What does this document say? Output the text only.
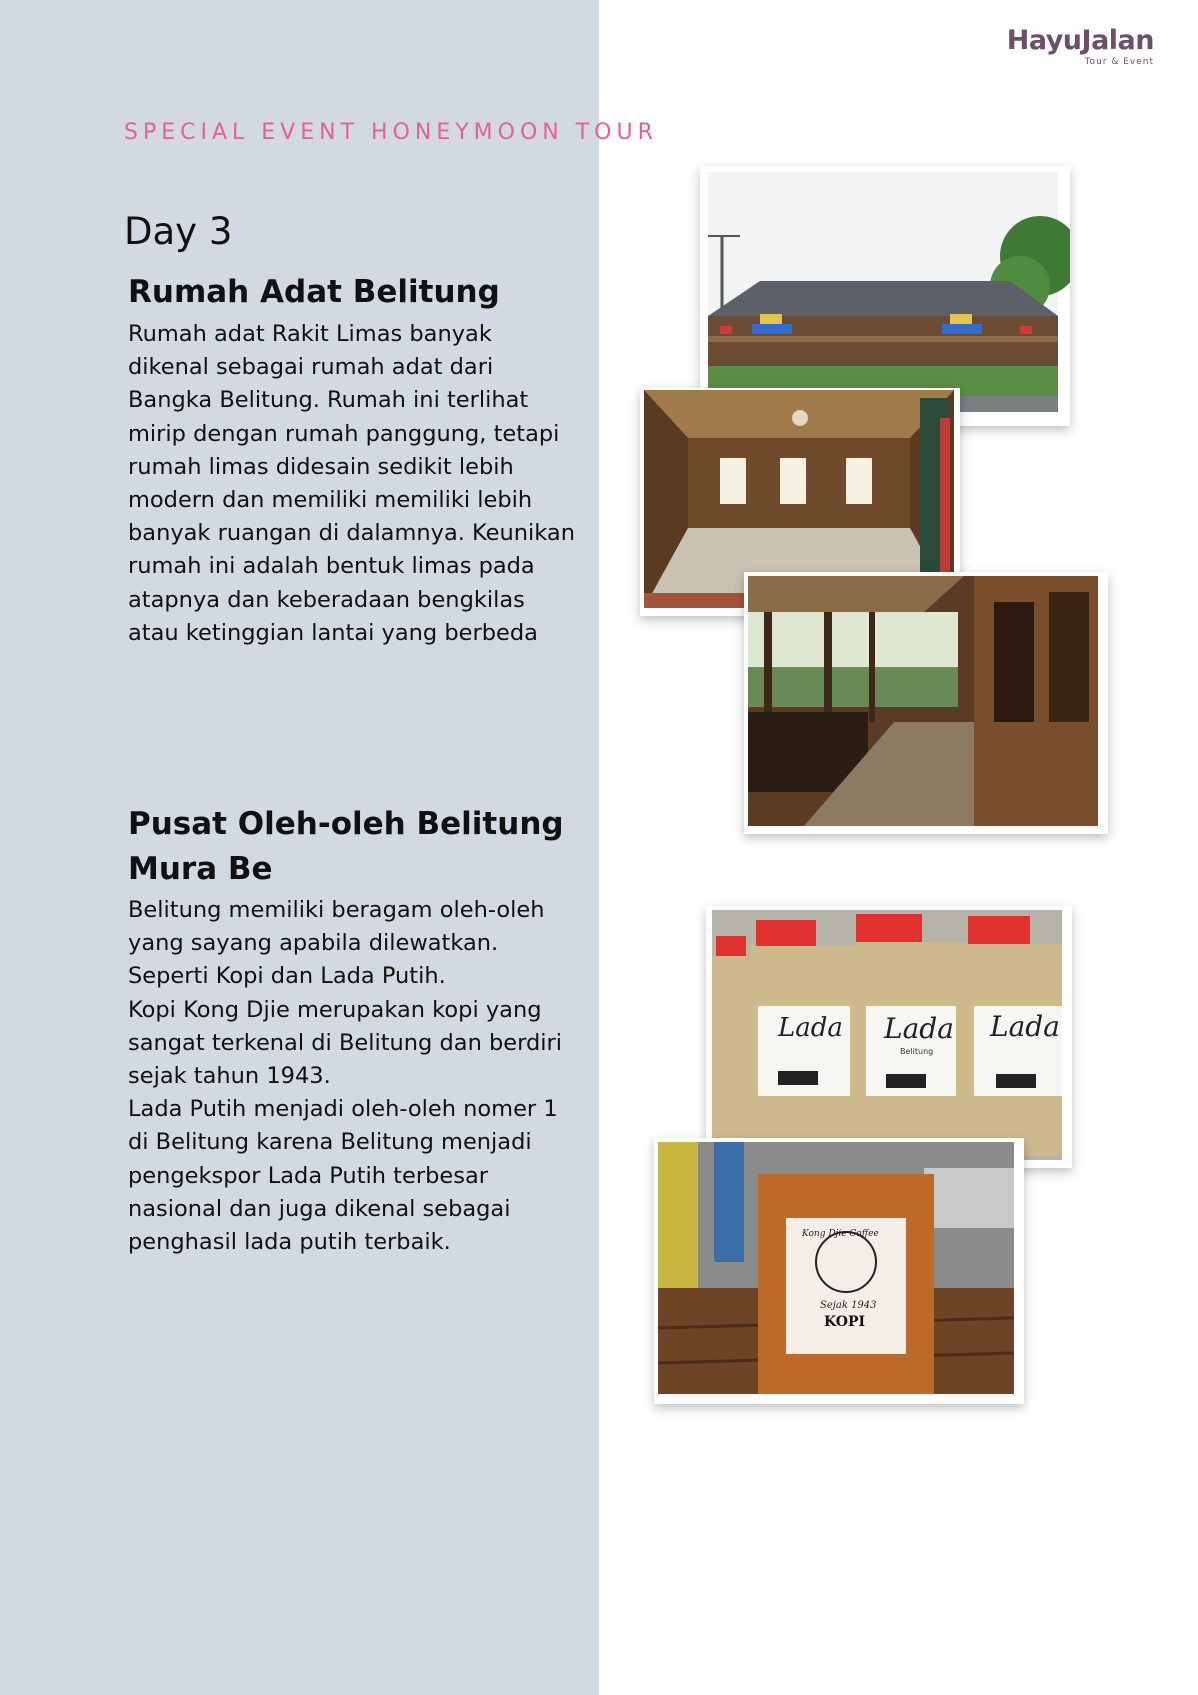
HayuJalan
Tour & Event
SPECIAL EVENT HONEYMOON TOUR
Day 3
Rumah Adat Belitung
Rumah adat Rakit Limas banyak dikenal sebagai rumah adat dari Bangka Belitung. Rumah ini terlihat mirip dengan rumah panggung, tetapi rumah limas didesain sedikit lebih modern dan memiliki memiliki lebih banyak ruangan di dalamnya. Keunikan rumah ini adalah bentuk limas pada atapnya dan keberadaan bengkilas atau ketinggian lantai yang berbeda
Pusat Oleh-oleh Belitung Mura Be
Belitung memiliki beragam oleh-oleh yang sayang apabila dilewatkan. Seperti Kopi dan Lada Putih.
Kopi Kong Djie merupakan kopi yang sangat terkenal di Belitung dan berdiri sejak tahun 1943.
Lada Putih menjadi oleh-oleh nomer 1 di Belitung karena Belitung menjadi pengekspor Lada Putih terbesar nasional dan juga dikenal sebagai penghasil lada putih terbaik.
Lada Lada Lada
Belitung
Kong Djie Coffee
Sejak 1943
KOPI
